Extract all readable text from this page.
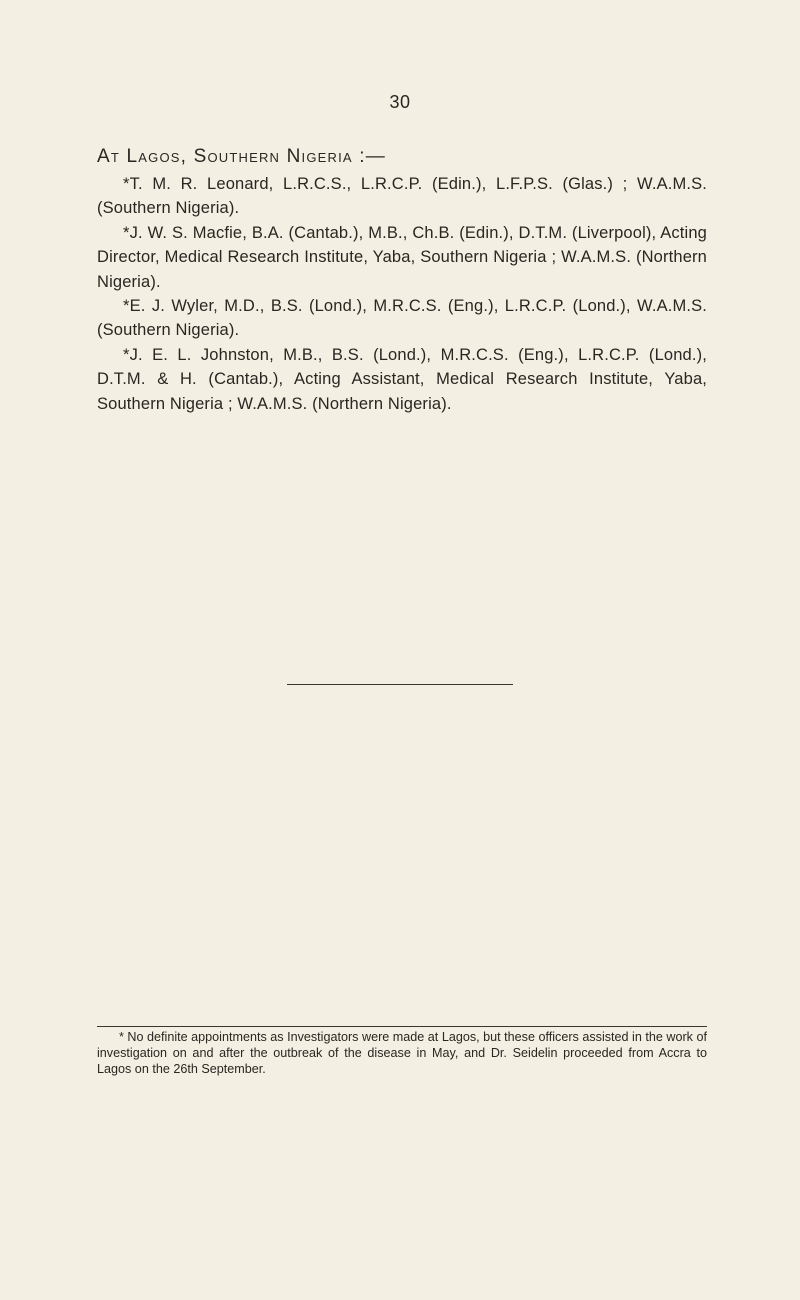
30
At Lagos, Southern Nigeria :—

*T. M. R. Leonard, L.R.C.S., L.R.C.P. (Edin.), L.F.P.S. (Glas.) ; W.A.M.S. (Southern Nigeria).

*J. W. S. Macfie, B.A. (Cantab.), M.B., Ch.B. (Edin.), D.T.M. (Liverpool), Acting Director, Medical Research Institute, Yaba, Southern Nigeria ; W.A.M.S. (Northern Nigeria).

*E. J. Wyler, M.D., B.S. (Lond.), M.R.C.S. (Eng.), L.R.C.P. (Lond.), W.A.M.S. (Southern Nigeria).

*J. E. L. Johnston, M.B., B.S. (Lond.), M.R.C.S. (Eng.), L.R.C.P. (Lond.), D.T.M. & H. (Cantab.), Acting Assistant, Medical Research Institute, Yaba, Southern Nigeria ; W.A.M.S. (Northern Nigeria).

* No definite appointments as Investigators were made at Lagos, but these officers assisted in the work of investigation on and after the outbreak of the disease in May, and Dr. Seidelin proceeded from Accra to Lagos on the 26th September.
